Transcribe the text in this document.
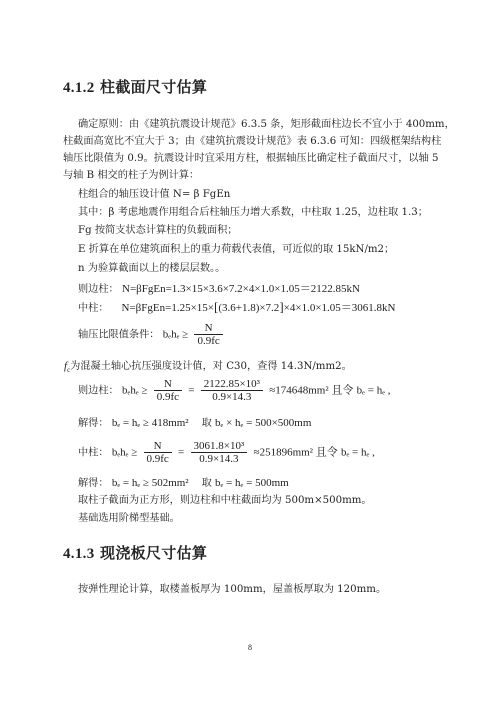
4.1.2 柱截面尺寸估算
确定原则：由《建筑抗震设计规范》6.3.5 条，矩形截面柱边长不宜小于 400mm，
柱截面高宽比不宜大于 3；由《建筑抗震设计规范》表 6.3.6 可知：四级框架结构柱
轴压比限值为 0.9。抗震设计时宜采用方柱，根据轴压比确定柱子截面尺寸，以轴 5
与轴 B 相交的柱子为例计算：
柱组合的轴压设计值 N= β FgEn
其中：β 考虑地震作用组合后柱轴压力增大系数，中柱取 1.25，边柱取 1.3；
Fg 按简支状态计算柱的负载面积；
E 折算在单位建筑面积上的重力荷载代表值，可近似的取 15kN/m2；
n 为验算截面以上的楼层层数。。
则边柱： N=βFgEn=1.3×15×3.6×7.2×4×1.0×1.05＝2122.85kN
中柱： N=βFgEn=1.25×15×[(3.6+1.8)×7.2]×4×1.0×1.05＝3061.8kN
轴压比限值条件： $b_eh_e \ge \frac{N}{0.9fc}$
$f_c$为混凝土轴心抗压强度设计值，对 C30，查得 14.3N/mm2。
则边柱： $b_eh_e \ge \frac{N}{0.9fc} = \frac{\text{2122.85×10³}}{0.9\times 14.3} \approx 174648mm^2$ 且令 bₑ = hₑ ,
解得： bₑ = hₑ ≥ 418mm² 取 bₑ × hₑ = 500×500mm
中柱： $b_eh_e \ge \frac{N}{0.9fc} = \frac{\text{3061.8×10³}}{0.9\times 14.3} \approx 251896mm^2$ 且令 bₑ = hₑ ,
解得： bₑ = hₑ ≥ 502mm² 取 bₑ = hₑ = 500mm
取柱子截面为正方形，则边柱和中柱截面均为 500m×500mm。
基础选用阶梯型基础。
4.1.3 现浇板尺寸估算
按弹性理论计算，取楼盖板厚为 100mm，屋盖板厚取为 120mm。
8
